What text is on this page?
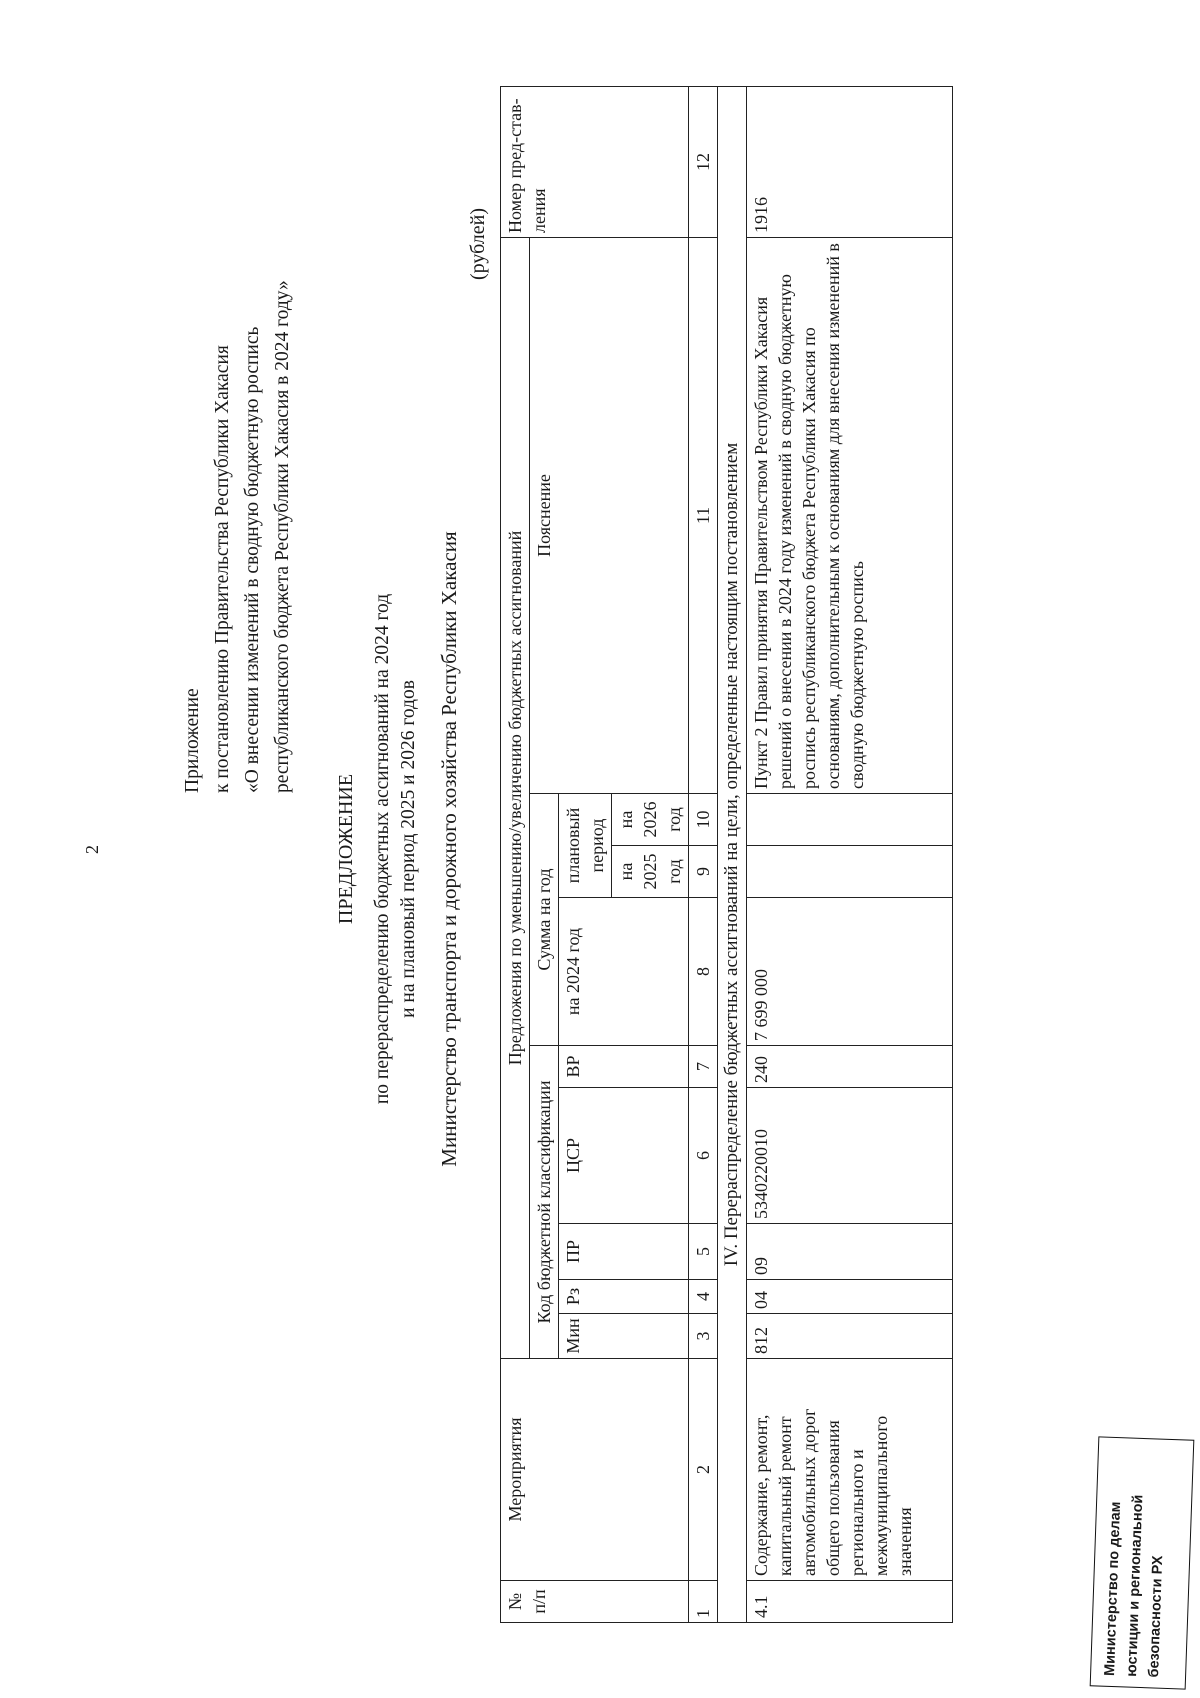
2
Приложение к постановлению Правительства Республики Хакасия «О внесении изменений в сводную бюджетную роспись республиканского бюджета Республики Хакасия в 2024 году»
ПРЕДЛОЖЕНИЕ по перераспределению бюджетных ассигнований на 2024 год и на плановый период 2025 и 2026 годов Министерство транспорта и дорожного хозяйства Республики Хакасия
(рублей)
№ п/п	Мероприятия	Предложения по уменьшению/увеличению бюджетных ассигнований									Номер пред-став-ления
		Код бюджетной классификации					Сумма на год			Пояснение	
		Мин	Рз	ПР	ЦСР	ВР	на 2024 год	плановый период			
								на 2025 год	на 2026 год		
1	2	3	4	5	6	7	8	9	10	11	12
IV. Перераспределение бюджетных ассигнований на цели, определенные настоящим постановлением											
4.1	Содержание, ремонт, капитальный ремонт автомобильных дорог общего пользования регионального и межмуниципального значения	812	04	09	5340220010	240	7 699 000			Пункт 2 Правил принятия Правительством Республики Хакасия решений о внесении в 2024 году изменений в сводную бюджетную роспись республиканского бюджета Республики Хакасия по основаниям, дополнительным к основаниям для внесения изменений в сводную бюджетную роспись	1916
Министерство по делам юстиции и региональной безопасности РХ
